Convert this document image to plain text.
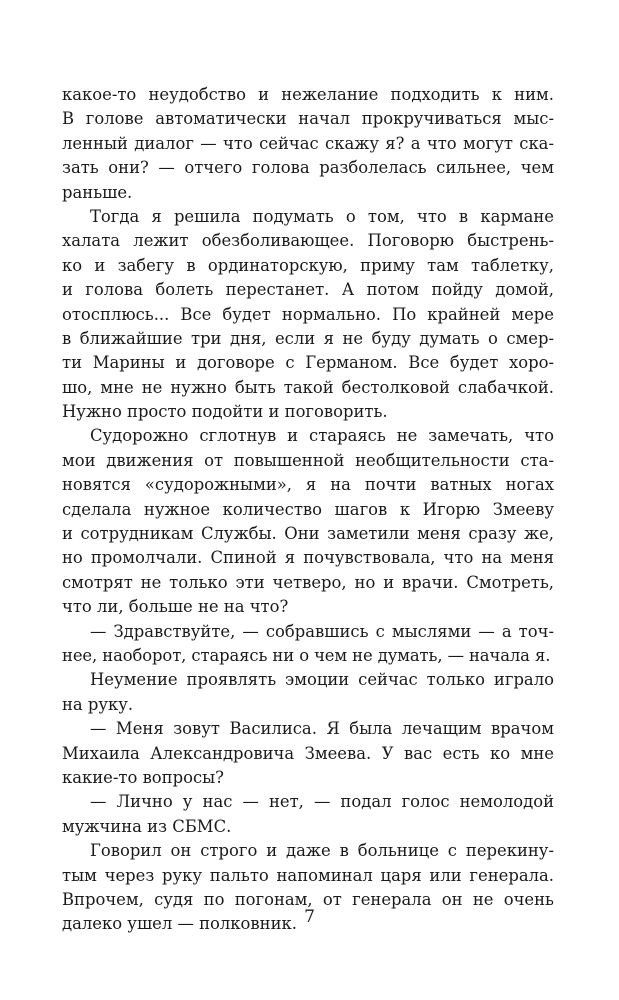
какое-то неудобство и нежелание подходить к ним.
В голове автоматически начал прокручиваться мыс-
ленный диалог — что сейчас скажу я? а что могут ска-
зать они? — отчего голова разболелась сильнее, чем
раньше.
Тогда я решила подумать о том, что в кармане
халата лежит обезболивающее. Поговорю быстрень-
ко и забегу в ординаторскую, приму там таблетку,
и голова болеть перестанет. А потом пойду домой,
отосплюсь... Все будет нормально. По крайней мере
в ближайшие три дня, если я не буду думать о смер-
ти Марины и договоре с Германом. Все будет хоро-
шо, мне не нужно быть такой бестолковой слабачкой.
Нужно просто подойти и поговорить.
Судорожно сглотнув и стараясь не замечать, что
мои движения от повышенной необщительности ста-
новятся «судорожными», я на почти ватных ногах
сделала нужное количество шагов к Игорю Змееву
и сотрудникам Службы. Они заметили меня сразу же,
но промолчали. Спиной я почувствовала, что на меня
смотрят не только эти четверо, но и врачи. Смотреть,
что ли, больше не на что?
— Здравствуйте, — собравшись с мыслями — а точ-
нее, наоборот, стараясь ни о чем не думать, — начала я.
Неумение проявлять эмоции сейчас только играло
на руку.
— Меня зовут Василиса. Я была лечащим врачом
Михаила Александровича Змеева. У вас есть ко мне
какие-то вопросы?
— Лично у нас — нет, — подал голос немолодой
мужчина из СБМС.
Говорил он строго и даже в больнице с перекину-
тым через руку пальто напоминал царя или генерала.
Впрочем, судя по погонам, от генерала он не очень
далеко ушел — полковник. 7
